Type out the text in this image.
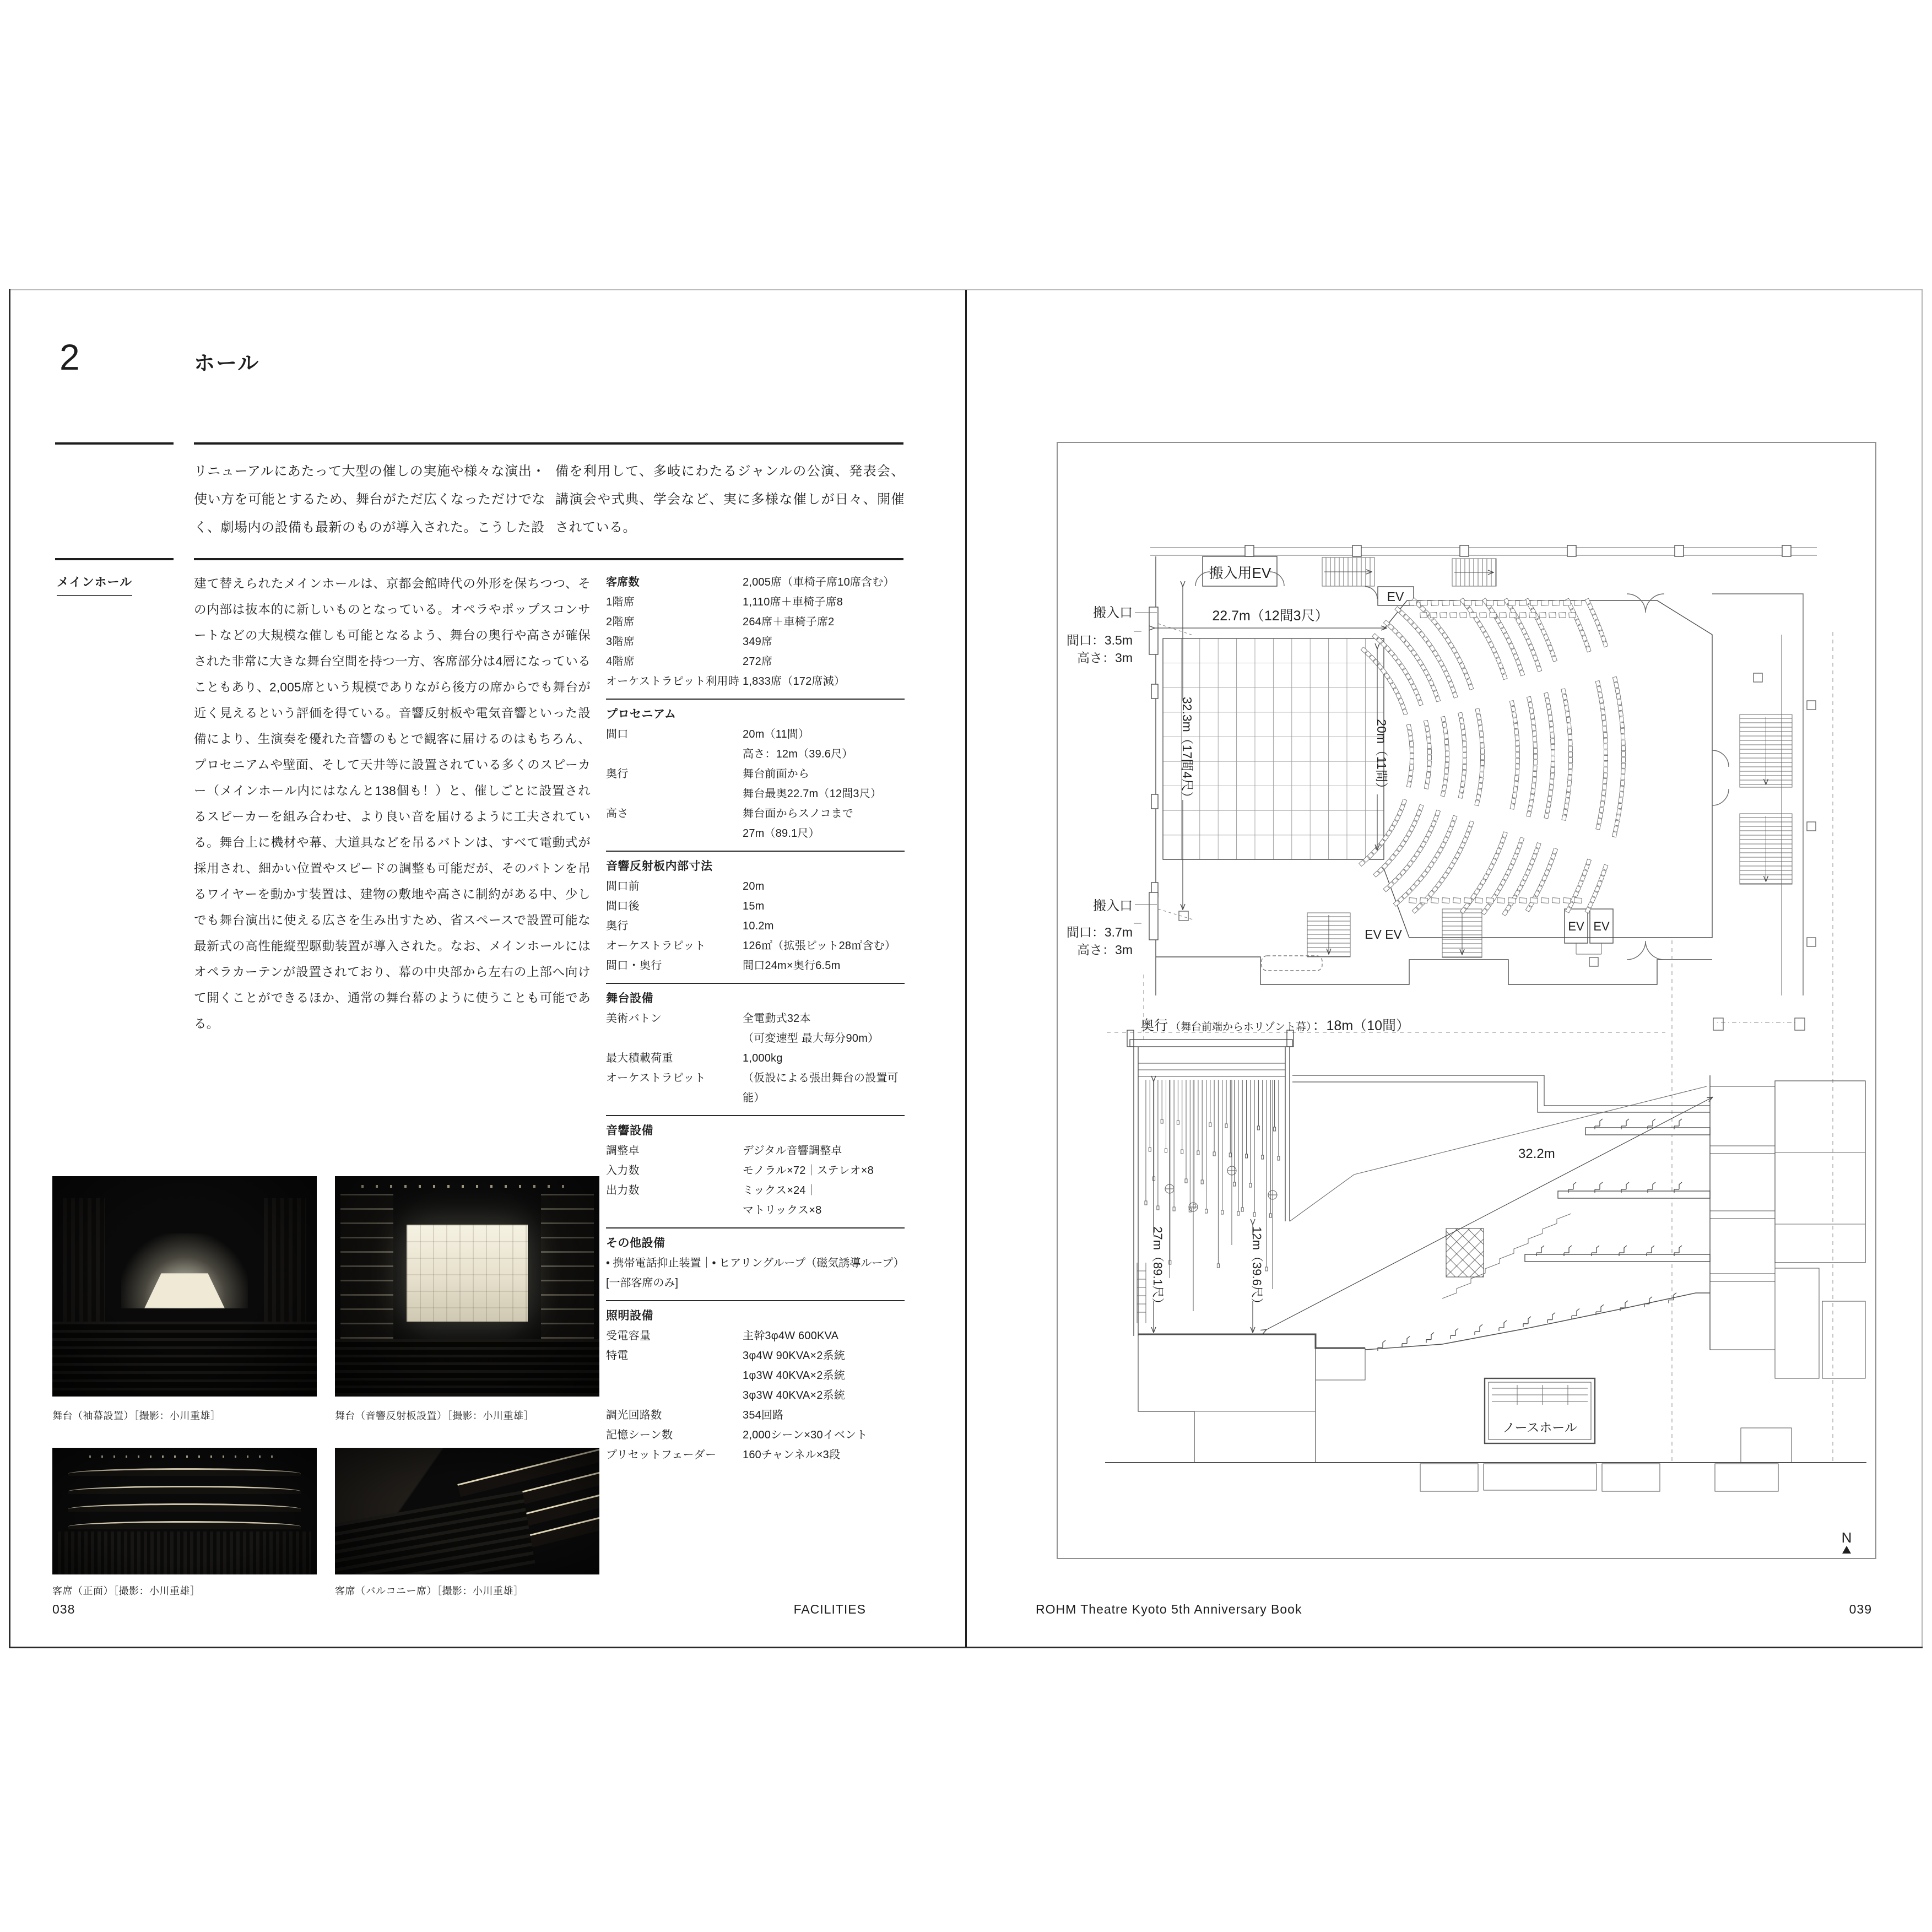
2	ホール
リニューアルにあたって大型の催しの実施や様々な演出・使い方を可能とするため、舞台がただ広くなっただけでなく、劇場内の設備も最新のものが導入された。こうした設
備を利用して、多岐にわたるジャンルの公演、発表会、講演会や式典、学会など、実に多様な催しが日々、開催されている。
メインホール	建て替えられたメインホールは、京都会館時代の外形を保ちつつ、その内部は抜本的に新しいものとなっている。オペラやポップスコンサートなどの大規模な催しも可能となるよう、舞台の奥行や高さが確保された非常に大きな舞台空間を持つ一方、客席部分は4層になっていることもあり、2,005席という規模でありながら後方の席からでも舞台が近く見えるという評価を得ている。音響反射板や電気音響といった設備により、生演奏を優れた音響のもとで観客に届けるのはもちろん、プロセニアムや壁面、そして天井等に設置されている多くのスピーカー（メインホール内にはなんと138個も！）と、催しごとに設置されるスピーカーを組み合わせ、より良い音を届けるように工夫されている。舞台上に機材や幕、大道具などを吊るバトンは、すべて電動式が採用され、細かい位置やスピードの調整も可能だが、そのバトンを吊るワイヤーを動かす装置は、建物の敷地や高さに制約がある中、少しでも舞台演出に使える広さを生み出すため、省スペースで設置可能な最新式の高性能縦型駆動装置が導入された。なお、メインホールにはオペラカーテンが設置されており、幕の中央部から左右の上部へ向けて開くことができるほか、通常の舞台幕のように使うことも可能である。
客席数	2,005席（車椅子席10席含む）
1階席	1,110席＋車椅子席8
2階席	264席＋車椅子席2
3階席	349席
4階席	272席
オーケストラピット利用時 1,833席（172席減）
プロセニアム
間口	20m（11間）
高さ：12m（39.6尺）
奥行	舞台前面から
舞台最奥22.7m（12間3尺）
高さ	舞台面からスノコまで
27m（89.1尺）
音響反射板内部寸法
間口前	20m
間口後	15m
奥行	10.2m
オーケストラピット	126㎡（拡張ピット28㎡含む）
間口・奥行	間口24m×奥行6.5m
舞台設備
美術バトン	全電動式32本
（可変速型 最大毎分90m）
最大積載荷重	1,000kg
オーケストラピット	（仮設による張出舞台の設置可能）
音響設備
調整卓	デジタル音響調整卓
入力数	モノラル×72｜ステレオ×8
出力数	ミックス×24｜
マトリックス×8
その他設備
• 携帯電話抑止装置｜• ヒアリングループ（磁気誘導ループ）[一部客席のみ]
照明設備
受電容量	主幹3φ4W 600KVA
特電	3φ4W 90KVA×2系統
1φ3W 40KVA×2系統
3φ3W 40KVA×2系統
調光回路数	354回路
記憶シーン数	2,000シーン×30イベント
プリセットフェーダー	160チャンネル×3段
舞台（袖幕設置）［撮影：小川重雄］	舞台（音響反射板設置）［撮影：小川重雄］
客席（正面）［撮影：小川重雄］	客席（バルコニー席）［撮影：小川重雄］
038	FACILITIES	ROHM Theatre Kyoto 5th Anniversary Book	039
搬入用EV
EV
搬入口
間口：3.5m
高さ：3m
22.7m（12間3尺）
32.3m（17間4尺）	20m（11間）
搬入口
間口：3.7m
高さ：3m
EV EV
EV EV
奥行 （舞台前端からホリゾント幕）：18m（10間）
27m（89.1尺）	12m（39.6尺）
32.2m
ノースホール
N
